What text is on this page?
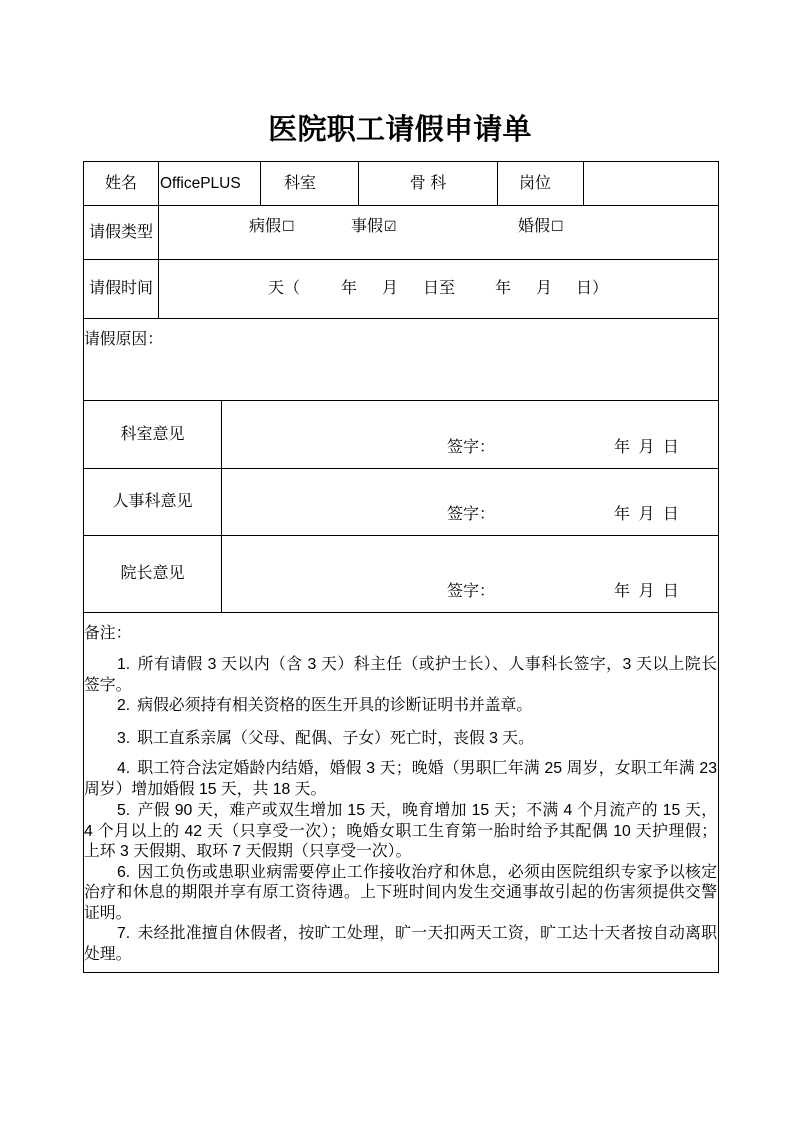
医院职工请假申请单
姓名 OfficePLUS	科室	骨 科	岗位
请假类型	病假☐	事假☑	婚假☐
请假时间	天（	年 月 日至 年 月 日）
请假原因：
科室意见
签字：	年 月 日
人事科意见
签字：	年 月 日
院长意见
签字：	年 月 日
备注：
1. 所有请假 3 天以内（含 3 天）科主任（或护士长）、人事科长签字，3 天以上院长
签字。
2. 病假必须持有相关资格的医生开具的诊断证明书并盖章。
3. 职工直系亲属（父母、配偶、子女）死亡时，丧假 3 天。
4. 职工符合法定婚龄内结婚，婚假 3 天；晚婚（男职匚年满 25 周岁，女职工年满 23
周岁）增加婚假 15 天，共 18 天。
5. 产假 90 天，难产或双生增加 15 天，晚育增加 15 天；不满 4 个月流产的 15 天，
4 个月以上的 42 天（只享受一次）；晚婚女职工生育第一胎时给予其配偶 10 天护理假；
上环 3 天假期、取环 7 天假期（只享受一次）。
6. 因工负伤或患职业病需要停止工作接收治疗和休息，必须由医院组织专家予以核定
治疗和休息的期限并享有原工资待遇。上下班时间内发生交通事故引起的伤害须提供交警
证明。
7. 未经批准擅自休假者，按旷工处理，旷一天扣两天工资，旷工达十天者按自动离职
处理。
